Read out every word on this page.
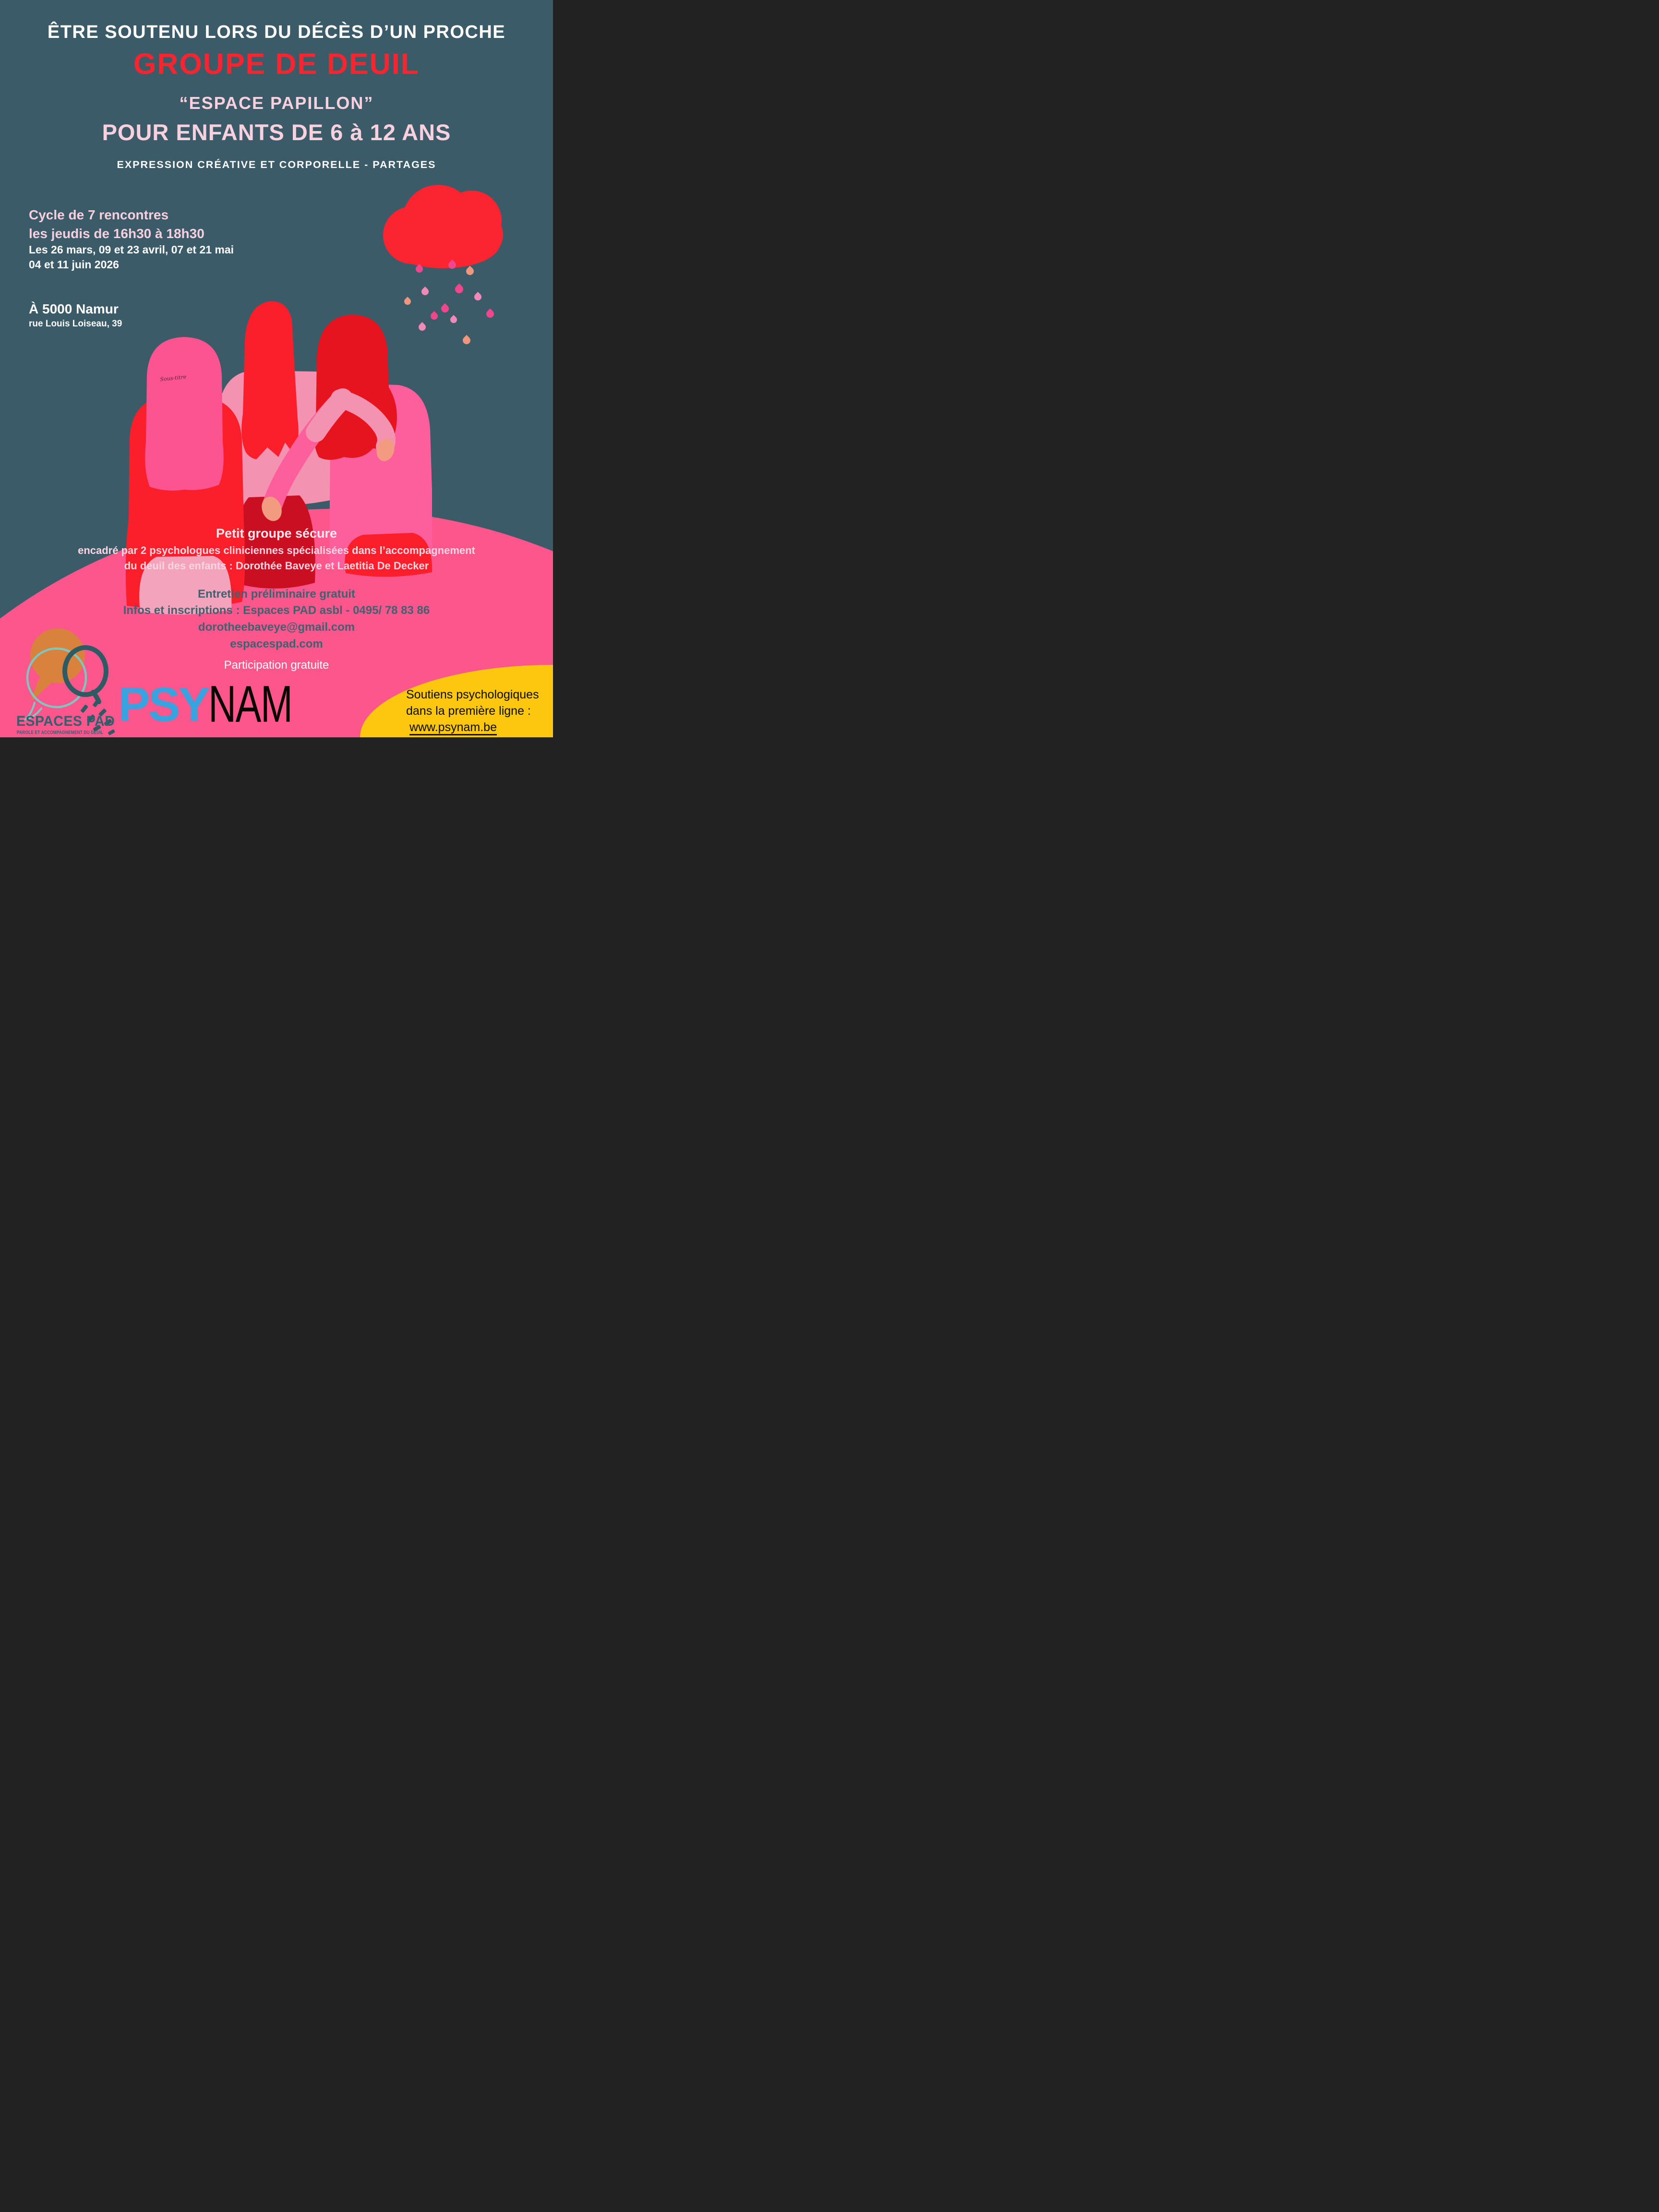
ÊTRE SOUTENU LORS DU DÉCÈS D’UN PROCHE
GROUPE DE DEUIL
“ESPACE PAPILLON”
POUR ENFANTS DE 6 à 12 ANS
EXPRESSION CRÉATIVE ET CORPORELLE - PARTAGES
Cycle de 7 rencontres
les jeudis de 16h30 à 18h30
Les 26 mars, 09 et 23 avril, 07 et 21 mai
04 et 11 juin 2026
À 5000 Namur
rue Louis Loiseau, 39
Sous-titre
Petit groupe sécure
encadré par 2 psychologues cliniciennes spécialisées dans l’accompagnement
du deuil des enfants : Dorothée Baveye et Laetitia De Decker
Entretien préliminaire gratuit
Infos et inscriptions : Espaces PAD asbl - 0495/ 78 83 86
dorotheebaveye@gmail.com
espacespad.com
Participation gratuite
ESPACES PAD
PAROLE ET ACCOMPAGNEMENT DU DEUIL
PSY NAM	Soutiens psychologiques
dans la première ligne :
www.psynam.be
